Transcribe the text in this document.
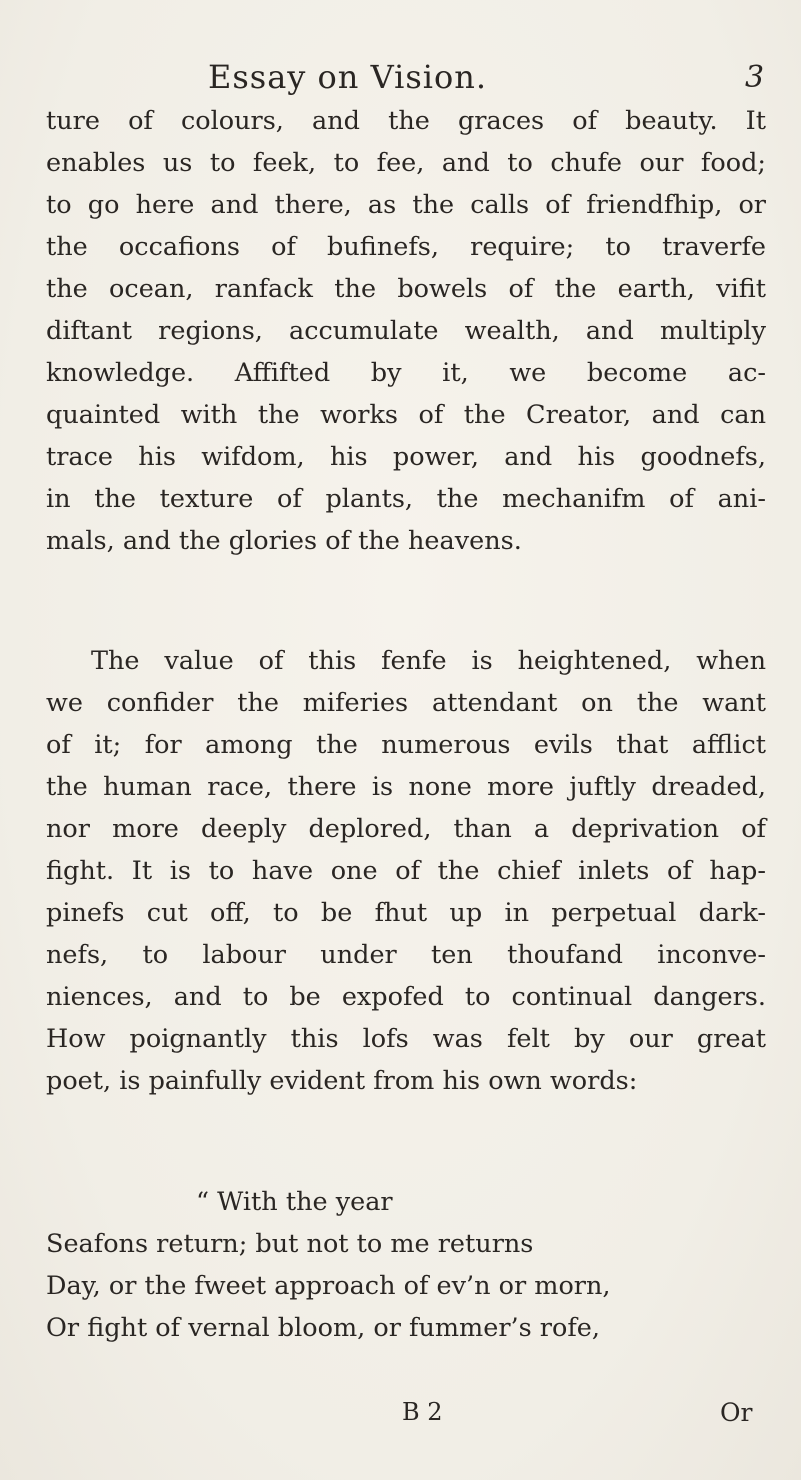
Essay on Vision.	3
ture of colours, and the graces of beauty. It
enables us to feek, to fee, and to chufe our food;
to go here and there, as the calls of friendfhip, or
the occafions of bufinefs, require; to traverfe
the ocean, ranfack the bowels of the earth, vifit
diftant regions, accumulate wealth, and multiply
knowledge. Affifted by it, we become ac-
quainted with the works of the Creator, and can
trace his wifdom, his power, and his goodnefs,
in the texture of plants, the mechanifm of ani-
mals, and the glories of the heavens.
The value of this fenfe is heightened, when
we confider the miferies attendant on the want
of it; for among the numerous evils that afflict
the human race, there is none more juftly dreaded,
nor more deeply deplored, than a deprivation of
fight. It is to have one of the chief inlets of hap-
pinefs cut off, to be fhut up in perpetual dark-
nefs, to labour under ten thoufand inconve-
niences, and to be expofed to continual dangers.
How poignantly this lofs was felt by our great
poet, is painfully evident from his own words:
“ With the year
Seafons return; but not to me returns
Day, or the fweet approach of ev’n or morn,
Or fight of vernal bloom, or fummer’s rofe,
B 2	Or
